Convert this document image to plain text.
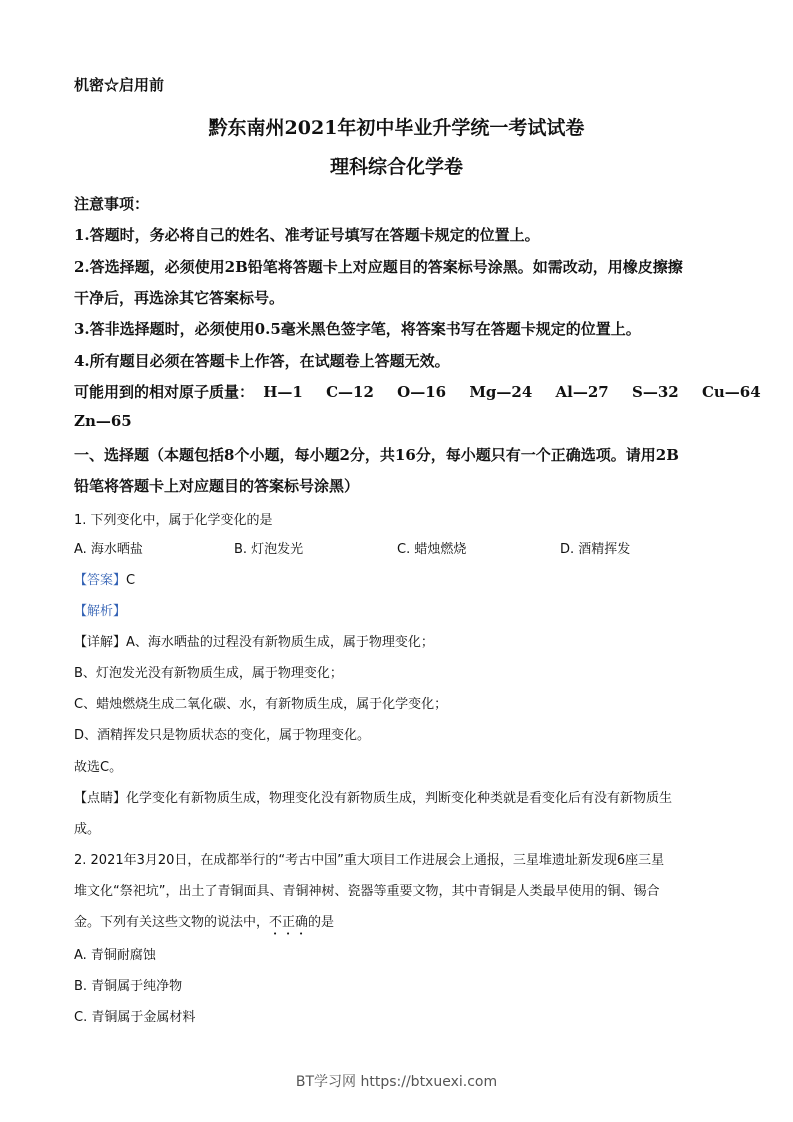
机密☆启用前
黔东南州2021年初中毕业升学统一考试试卷
理科综合化学卷
注意事项：
1.答题时，务必将自己的姓名、准考证号填写在答题卡规定的位置上。
2.答选择题，必须使用2B铅笔将答题卡上对应题目的答案标号涂黑。如需改动，用橡皮擦擦
干净后，再选涂其它答案标号。
3.答非选择题时，必须使用0.5毫米黑色签字笔，将答案书写在答题卡规定的位置上。
4.所有题目必须在答题卡上作答，在试题卷上答题无效。
可能用到的相对原子质量： H—1 C—12 O—16 Mg—24 Al—27 S—32 Cu—64
Zn—65
一、选择题（本题包括8个小题，每小题2分，共16分，每小题只有一个正确选项。请用2B
铅笔将答题卡上对应题目的答案标号涂黑）
1. 下列变化中，属于化学变化的是
A. 海水晒盐	B. 灯泡发光	C. 蜡烛燃烧	D. 酒精挥发
【答案】C
【解析】
【详解】A、海水晒盐的过程没有新物质生成，属于物理变化；
B、灯泡发光没有新物质生成，属于物理变化；
C、蜡烛燃烧生成二氧化碳、水，有新物质生成，属于化学变化；
D、酒精挥发只是物质状态的变化，属于物理变化。
故选C。
【点睛】化学变化有新物质生成，物理变化没有新物质生成，判断变化种类就是看变化后有没有新物质生
成。
2. 2021年3月20日，在成都举行的“考古中国”重大项目工作进展会上通报，三星堆遗址新发现6座三星
堆文化“祭祀坑”，出土了青铜面具、青铜神树、瓷器等重要文物，其中青铜是人类最早使用的铜、锡合
金。下列有关这些文物的说法中，不正确的是
A. 青铜耐腐蚀
B. 青铜属于纯净物
C. 青铜属于金属材料
BT学习网 https://btxuexi.com
